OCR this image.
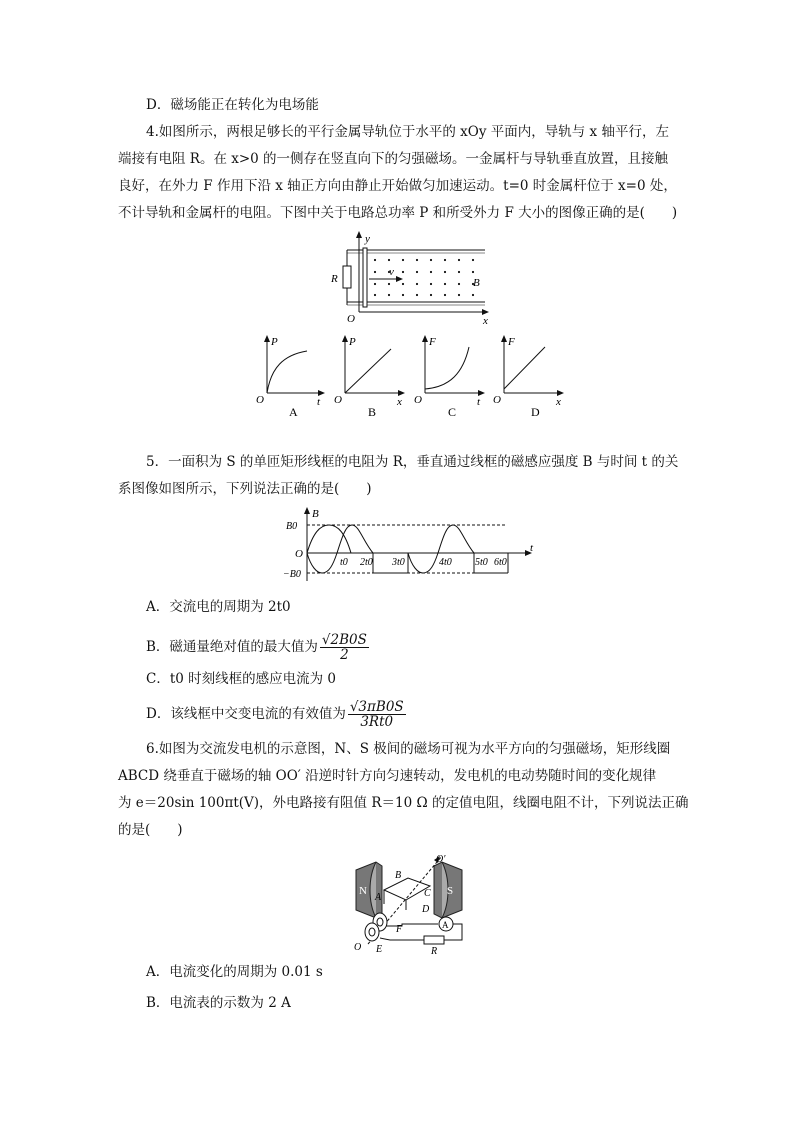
D．磁场能正在转化为电场能
4.如图所示，两根足够长的平行金属导轨位于水平的 xOy 平面内，导轨与 x 轴平行，左
端接有电阻 R。在 x>0 的一侧存在竖直向下的匀强磁场。一金属杆与导轨垂直放置，且接触
良好，在外力 F 作用下沿 x 轴正方向由静止开始做匀加速运动。t=0 时金属杆位于 x=0 处，
不计导轨和金属杆的电阻。下图中关于电路总功率 P 和所受外力 F 大小的图像正确的是(　　)
y
x
O
R
v
B
P
t
O
A
P
x
O
B
F
t
O
C
F
x
O
D
5．一面积为 S 的单匝矩形线框的电阻为 R，垂直通过线框的磁感应强度 B 与时间 t 的关
系图像如图所示，下列说法正确的是(　　)
B
t
O
B0
−B0
t0 2t0 3t0	4t0 5t0 6t0
A．交流电的周期为 2t0
B．磁通量绝对值的最大值为 $\frac{√2B0S}{2}$
C．t0 时刻线框的感应电流为 0
D．该线框中交变电流的有效值为 $\frac{√3\pi B0S}{3Rt0}$
6.如图为交流发电机的示意图，N、S 极间的磁场可视为水平方向的匀强磁场，矩形线圈
ABCD 绕垂直于磁场的轴 OO′ 沿逆时针方向匀速转动，发电机的电动势随时间的变化规律
为 e＝20sin 100πt(V)，外电路接有阻值 R＝10 Ω 的定值电阻，线圈电阻不计，下列说法正确
的是(　　)
N	S
O′
B
C
D
A
O E
F	A
R
A．电流变化的周期为 0.01 s
B．电流表的示数为 2 A
